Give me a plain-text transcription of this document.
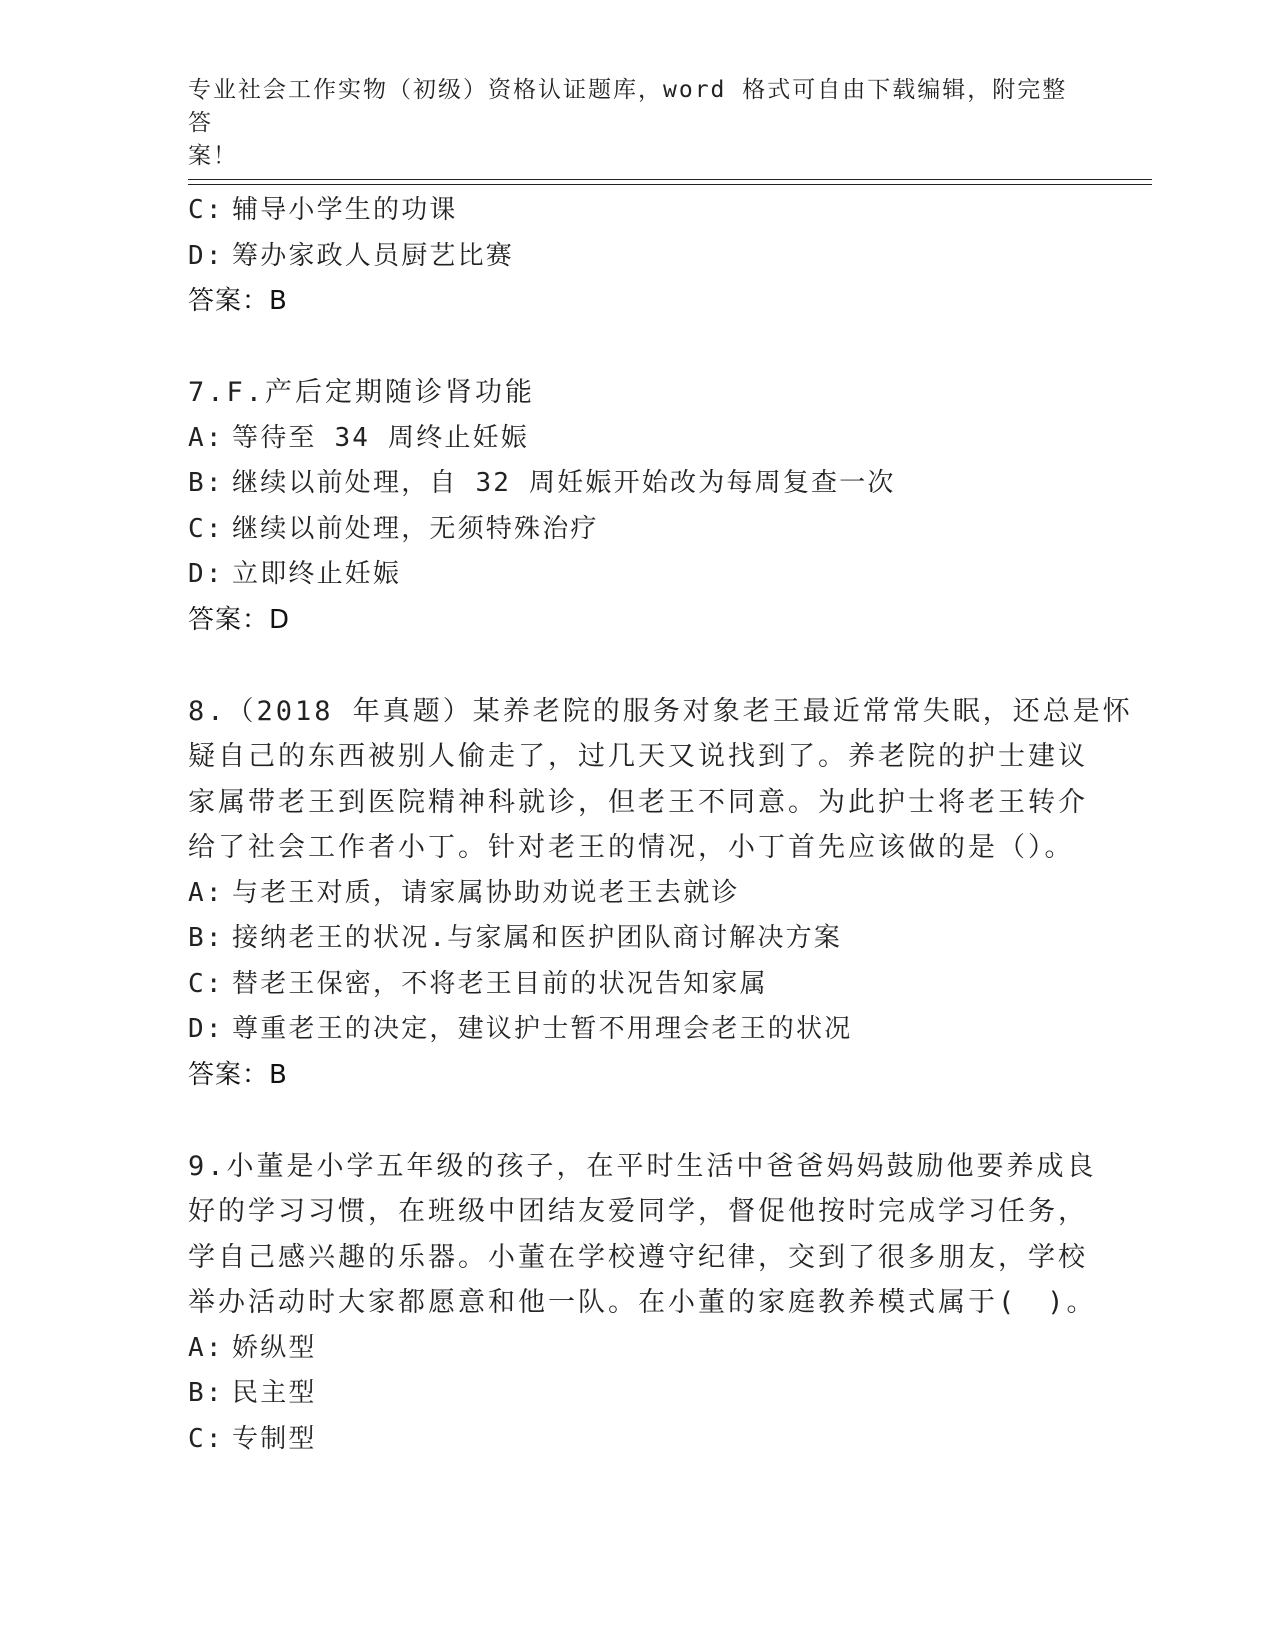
专业社会工作实物（初级）资格认证题库，word 格式可自由下载编辑，附完整答
案！
C: 辅导小学生的功课
D: 筹办家政人员厨艺比赛
答案：B
7.F.产后定期随诊肾功能
A: 等待至 34 周终止妊娠
B: 继续以前处理，自 32 周妊娠开始改为每周复查一次
C: 继续以前处理，无须特殊治疗
D: 立即终止妊娠
答案：D
8.（2018 年真题）某养老院的服务对象老王最近常常失眠，还总是怀
疑自己的东西被别人偷走了，过几天又说找到了。养老院的护士建议
家属带老王到医院精神科就诊，但老王不同意。为此护士将老王转介
给了社会工作者小丁。针对老王的情况，小丁首先应该做的是（）。
A: 与老王对质，请家属协助劝说老王去就诊
B: 接纳老王的状况.与家属和医护团队商讨解决方案
C: 替老王保密，不将老王目前的状况告知家属
D: 尊重老王的决定，建议护士暂不用理会老王的状况
答案：B
9.小董是小学五年级的孩子，在平时生活中爸爸妈妈鼓励他要养成良
好的学习习惯，在班级中团结友爱同学，督促他按时完成学习任务，
学自己感兴趣的乐器。小董在学校遵守纪律，交到了很多朋友，学校
举办活动时大家都愿意和他一队。在小董的家庭教养模式属于(　)。
A: 娇纵型
B: 民主型
C: 专制型
